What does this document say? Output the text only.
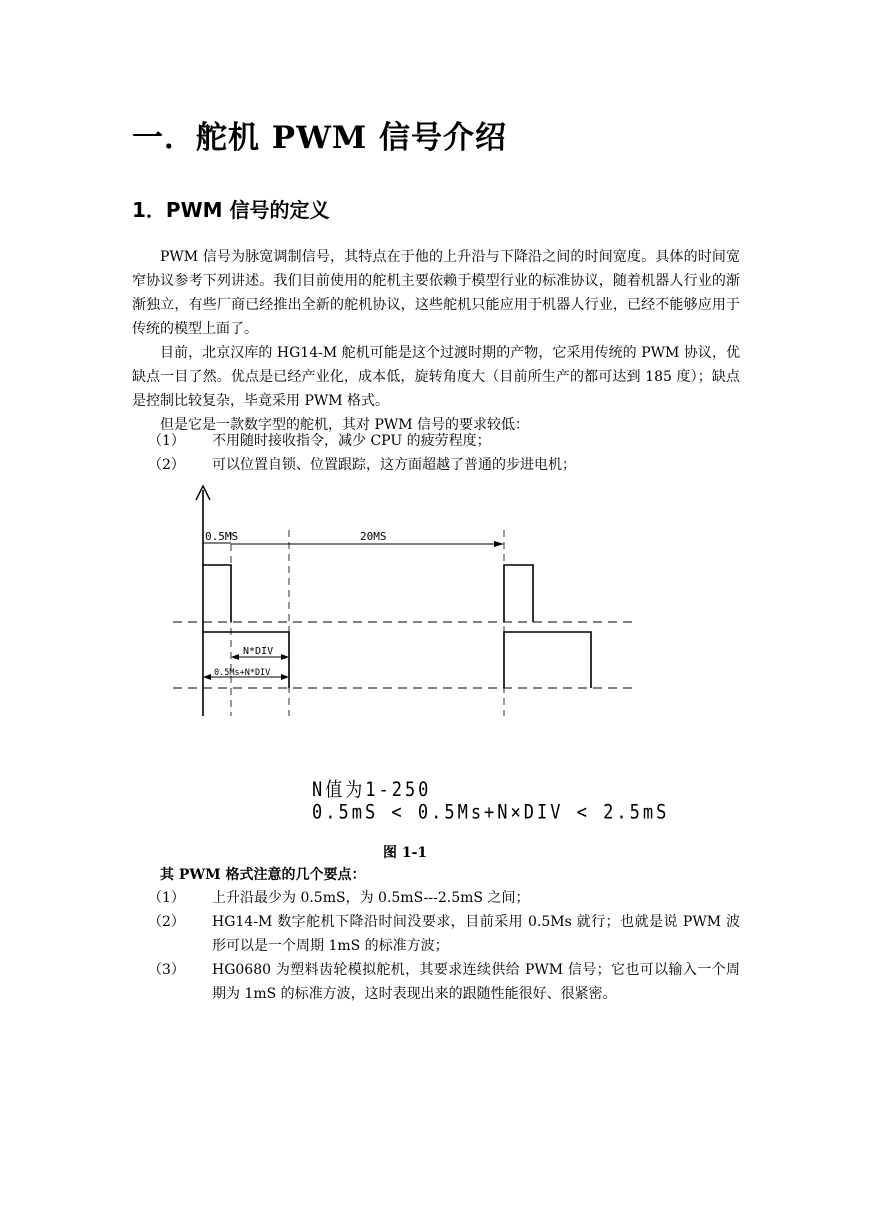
一．舵机 PWM 信号介绍
1．PWM 信号的定义

PWM 信号为脉宽调制信号，其特点在于他的上升沿与下降沿之间的时间宽度。具体的时间宽窄协议参考下列讲述。我们目前使用的舵机主要依赖于模型行业的标准协议，随着机器人行业的渐渐独立，有些厂商已经推出全新的舵机协议，这些舵机只能应用于机器人行业，已经不能够应用于传统的模型上面了。

目前，北京汉库的 HG14-M 舵机可能是这个过渡时期的产物，它采用传统的 PWM 协议，优缺点一目了然。优点是已经产业化，成本低，旋转角度大（目前所生产的都可达到 185 度）；缺点是控制比较复杂，毕竟采用 PWM 格式。

但是它是一款数字型的舵机，其对 PWM 信号的要求较低：

（1） 不用随时接收指令，减少 CPU 的疲劳程度；
（2） 可以位置自锁、位置跟踪，这方面超越了普通的步进电机；
0.5MS	20MS
N*DIV
0.5Ms+N*DIV
N值为1-250
0.5mS < 0.5Ms+N×DIV < 2.5mS
图 1-1
其 PWM 格式注意的几个要点：
（1） 上升沿最少为 0.5mS，为 0.5mS---2.5mS 之间；
（2） HG14-M 数字舵机下降沿时间没要求，目前采用 0.5Ms 就行；也就是说 PWM 波形可以是一个周期 1mS 的标准方波；
（3） HG0680 为塑料齿轮模拟舵机，其要求连续供给 PWM 信号；它也可以输入一个周期为 1mS 的标准方波，这时表现出来的跟随性能很好、很紧密。
